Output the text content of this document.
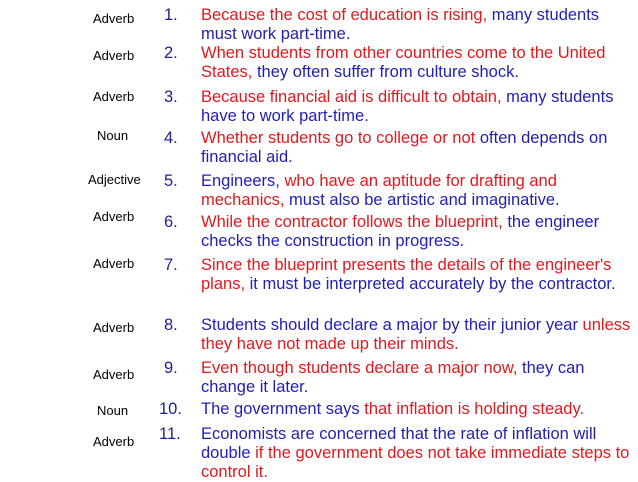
Adverb 1. Because the cost of education is rising, many students must work part-time.
Adverb 2. When students from other countries come to the United States, they often suffer from culture shock.
Adverb 3. Because financial aid is difficult to obtain, many students have to work part-time.
Noun 4. Whether students go to college or not often depends on financial aid.
Adjective 5. Engineers, who have an aptitude for drafting and mechanics, must also be artistic and imaginative.
Adverb 6. While the contractor follows the blueprint, the engineer checks the construction in progress.
Adverb 7. Since the blueprint presents the details of the engineer's plans, it must be interpreted accurately by the contractor.
Adverb 8. Students should declare a major by their junior year unless they have not made up their minds.
Adverb 9. Even though students declare a major now, they can change it later.
Noun 10. The government says that inflation is holding steady.
Adverb 11. Economists are concerned that the rate of inflation will double if the government does not take immediate steps to control it.
